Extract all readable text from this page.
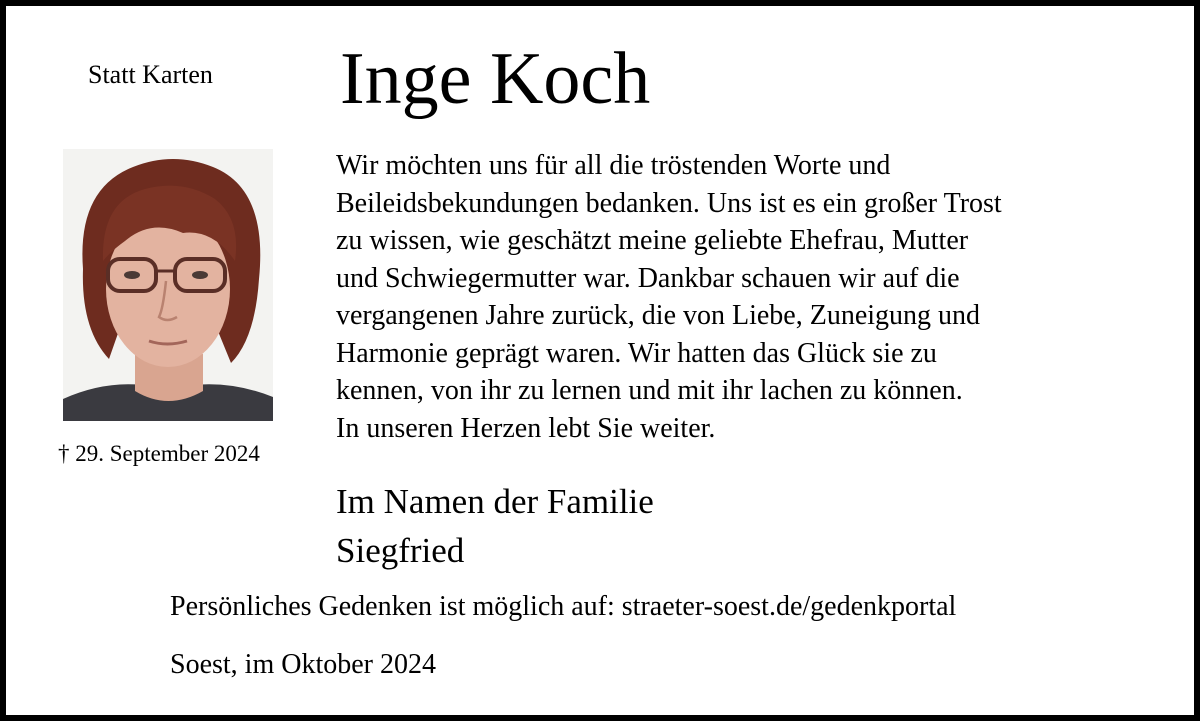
Statt Karten Inge Koch
† 29. September 2024

Wir möchten uns für all die tröstenden Worte und

Beileidsbekundungen bedanken. Uns ist es ein großer Trost

zu wissen, wie geschätzt meine geliebte Ehefrau, Mutter

und Schwiegermutter war. Dankbar schauen wir auf die

vergangenen Jahre zurück, die von Liebe, Zuneigung und

Harmonie geprägt waren. Wir hatten das Glück sie zu

kennen, von ihr zu lernen und mit ihr lachen zu können.

In unseren Herzen lebt Sie weiter.

Im Namen der Familie

Siegfried

Persönliches Gedenken ist möglich auf: straeter-soest.de/gedenkportal
Soest, im Oktober 2024
